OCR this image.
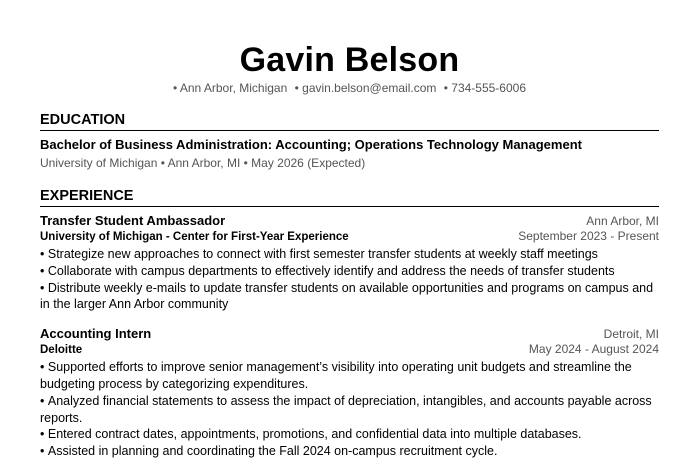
Gavin Belson
• Ann Arbor, Michigan • gavin.belson@email.com • 734-555-6006
EDUCATION
Bachelor of Business Administration: Accounting; Operations Technology Management
University of Michigan • Ann Arbor, MI • May 2026 (Expected)
EXPERIENCE
Transfer Student Ambassador	Ann Arbor, MI
University of Michigan - Center for First-Year Experience	September 2023 - Present
• Strategize new approaches to connect with first semester transfer students at weekly staff meetings
• Collaborate with campus departments to effectively identify and address the needs of transfer students
• Distribute weekly e-mails to update transfer students on available opportunities and programs on campus and in the larger Ann Arbor community
Accounting Intern	Detroit, MI
Deloitte	May 2024 - August 2024
• Supported efforts to improve senior management’s visibility into operating unit budgets and streamline the budgeting process by categorizing expenditures.
• Analyzed financial statements to assess the impact of depreciation, intangibles, and accounts payable across reports.
• Entered contract dates, appointments, promotions, and confidential data into multiple databases.
• Assisted in planning and coordinating the Fall 2024 on-campus recruitment cycle.
